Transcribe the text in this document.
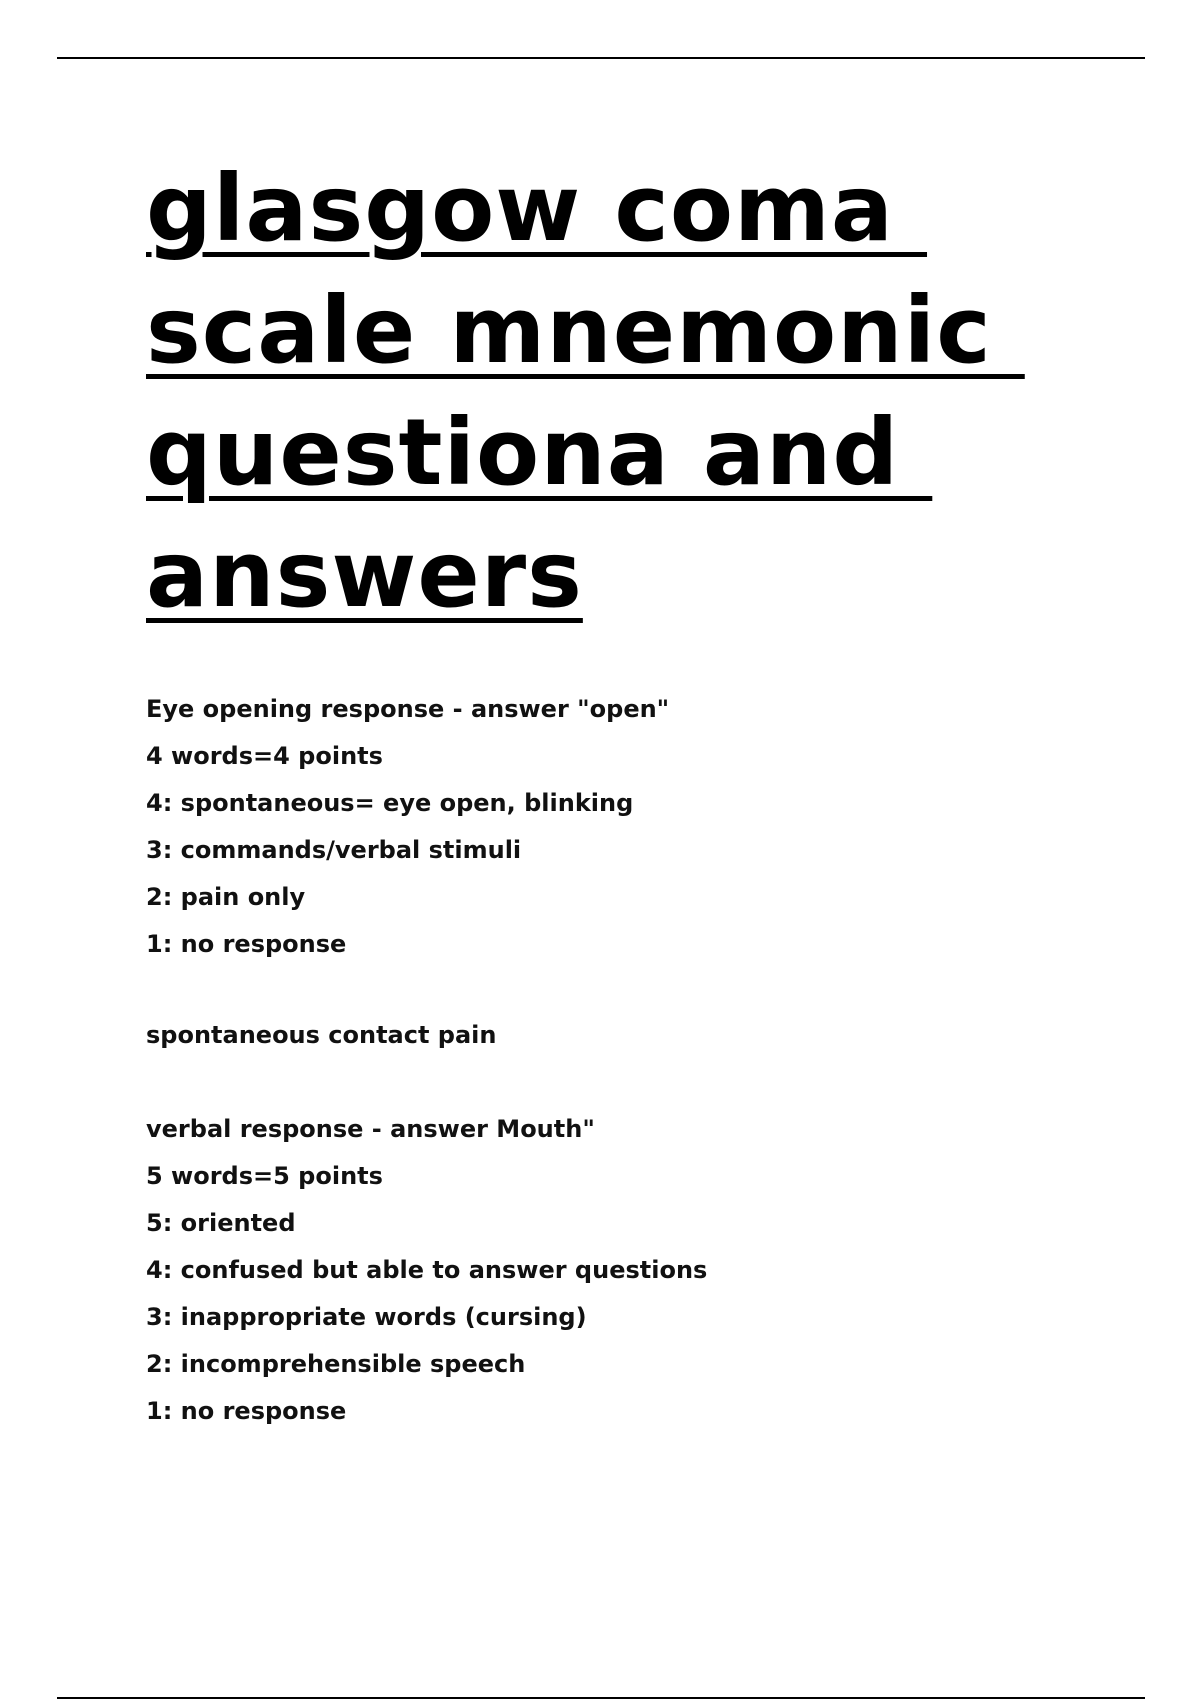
glasgow coma
scale mnemonic
questiona and
answers
Eye opening response - answer "open"
4 words=4 points
4: spontaneous= eye open, blinking
3: commands/verbal stimuli
2: pain only
1: no response
spontaneous contact pain
verbal response - answer Mouth"
5 words=5 points
5: oriented
4: confused but able to answer questions
3: inappropriate words (cursing)
2: incomprehensible speech
1: no response
